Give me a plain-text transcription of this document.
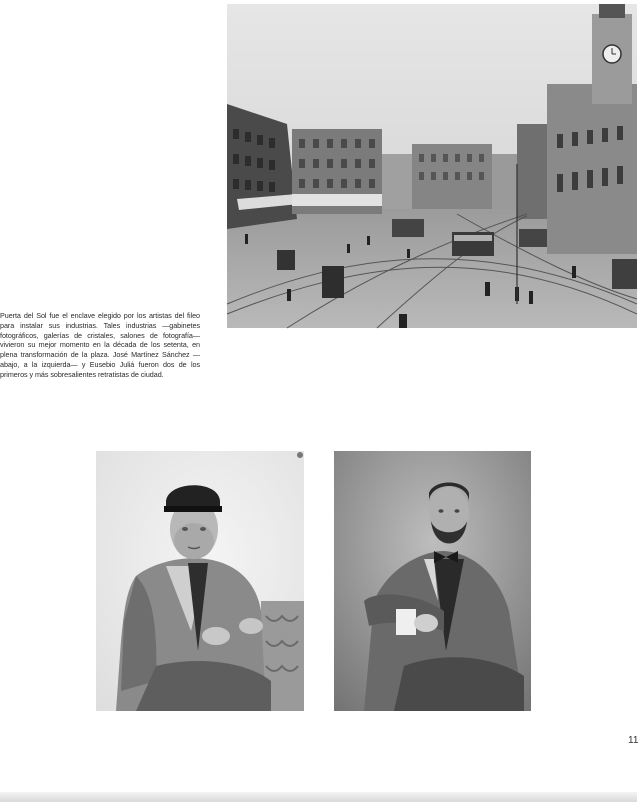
Puerta del Sol fue el enclave elegido por los artistas del fileo para instalar sus industrias. Tales industrias —gabinetes fotográficos, galerías de cristales, salones de fotografía— vivieron su mejor momento en la década de los setenta, en plena transformación de la plaza. José Martínez Sánchez —abajo, a la izquierda— y Eusebio Juliá fueron dos de los primeros y más sobresalientes retratistas de ciudad.
11
